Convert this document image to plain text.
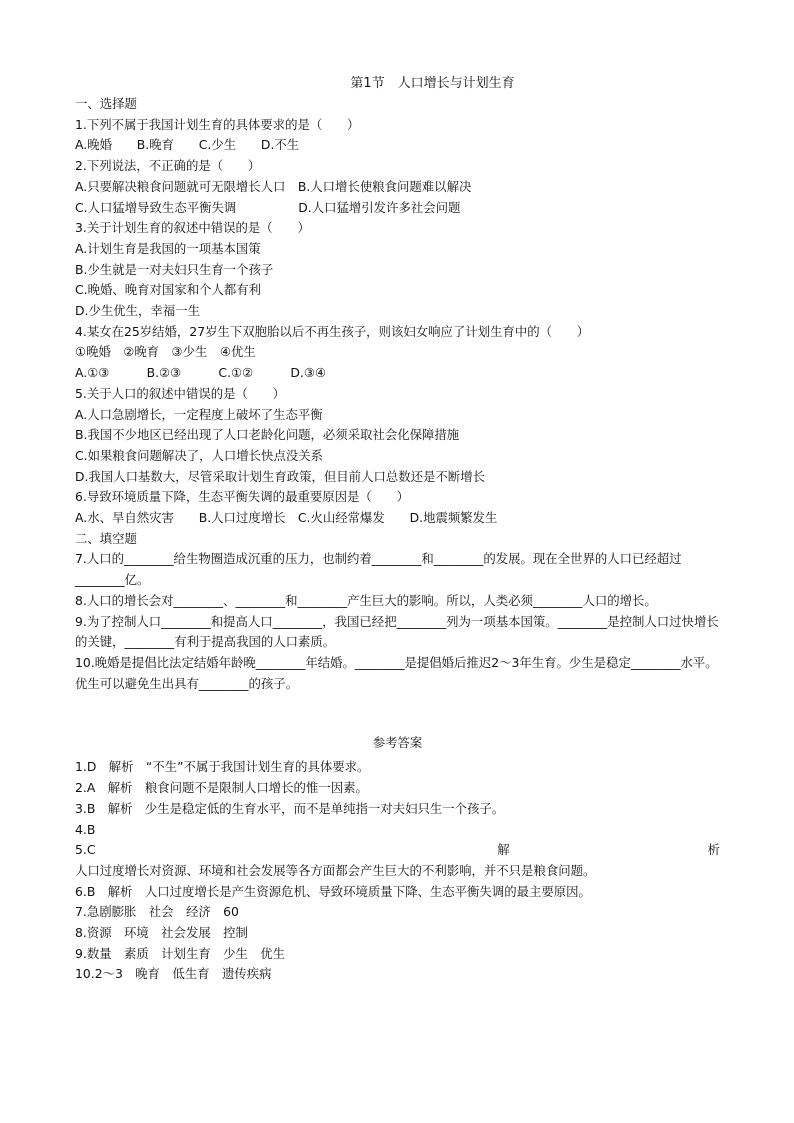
第1节　人口增长与计划生育
一、选择题
1.下列不属于我国计划生育的具体要求的是（　　）
A.晚婚　　B.晚育　　C.少生　　D.不生
2.下列说法，不正确的是（　　）
A.只要解决粮食问题就可无限增长人口　B.人口增长使粮食问题难以解决
C.人口猛增导致生态平衡失调　　　　　D.人口猛增引发许多社会问题
3.关于计划生育的叙述中错误的是（　　）
A.计划生育是我国的一项基本国策
B.少生就是一对夫妇只生育一个孩子
C.晚婚、晚育对国家和个人都有利
D.少生优生，幸福一生
4.某女在25岁结婚，27岁生下双胞胎以后不再生孩子，则该妇女响应了计划生育中的（　　）
①晚婚　②晚育　③少生　④优生
A.①③　　　B.②③　　　C.①②　　　D.③④
5.关于人口的叙述中错误的是（　　）
A.人口急剧增长，一定程度上破坏了生态平衡
B.我国不少地区已经出现了人口老龄化问题，必须采取社会化保障措施
C.如果粮食问题解决了，人口增长快点没关系
D.我国人口基数大，尽管采取计划生育政策，但目前人口总数还是不断增长
6.导致环境质量下降，生态平衡失调的最重要原因是（　　）
A.水、旱自然灾害　　B.人口过度增长　C.火山经常爆发　　D.地震频繁发生
二、填空题
7.人口的________给生物圈造成沉重的压力，也制约着________和________的发展。现在全世界的人口已经超过________亿。
8.人口的增长会对________、________和________产生巨大的影响。所以，人类必须________人口的增长。
9.为了控制人口________和提高人口________，我国已经把________列为一项基本国策。________是控制人口过快增长的关键，________有利于提高我国的人口素质。
10.晚婚是提倡比法定结婚年龄晚________年结婚。________是提倡婚后推迟2～3年生育。少生是稳定________水平。优生可以避免生出具有________的孩子。
参考答案
1.D　解析　“不生”不属于我国计划生育的具体要求。
2.A　解析　粮食问题不是限制人口增长的惟一因素。
3.B　解析　少生是稳定低的生育水平，而不是单纯指一对夫妇只生一个孩子。
4.B
5.C	解	析
人口过度增长对资源、环境和社会发展等各方面都会产生巨大的不利影响，并不只是粮食问题。
6.B　解析　人口过度增长是产生资源危机、导致环境质量下降、生态平衡失调的最主要原因。
7.急剧膨胀　社会　经济　60
8.资源　环境　社会发展　控制
9.数量　素质　计划生育　少生　优生
10.2～3　晚育　低生育　遗传疾病
